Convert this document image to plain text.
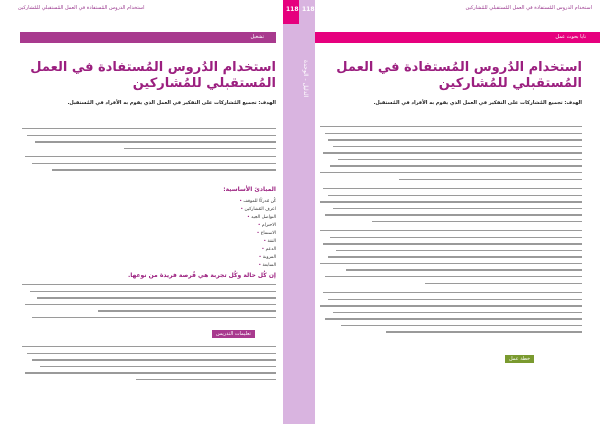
استخدام الدروس المُستفادة في العمل المُستقبلي للمُشاركين
تشغيل
استخدام الدُروس المُستفادة في العمل المُستقبلي للمُشاركين
الهدف: تجميع المُشاركات على التفكير في العمل الذي يقوم به الأفراد في المُستقبل.
المبادئ الأساسية:
كُن مُدركًا للموقف •
اعرف المُشاركين •
التواصل الجيد •
الاحترام •
الاستماع •
الثقة •
الدعم •
المرونة •
المتابعة •
إن كُل حالة وكُل تجربة هي فُرصة فريدة من نوعها.
تعليمات التدريس
118 118
الدليل - الوحدة
استخدام الدروس المُستفادة في العمل المُستقبلي للمُشاركين
نايا بحوث عمل
استخدام الدُروس المُستفادة في العمل المُستقبلي للمُشاركين
الهدف: تجميع المُشاركات على التفكير في العمل الذي يقوم به الأفراد في المُستقبل.
خطة عمل
